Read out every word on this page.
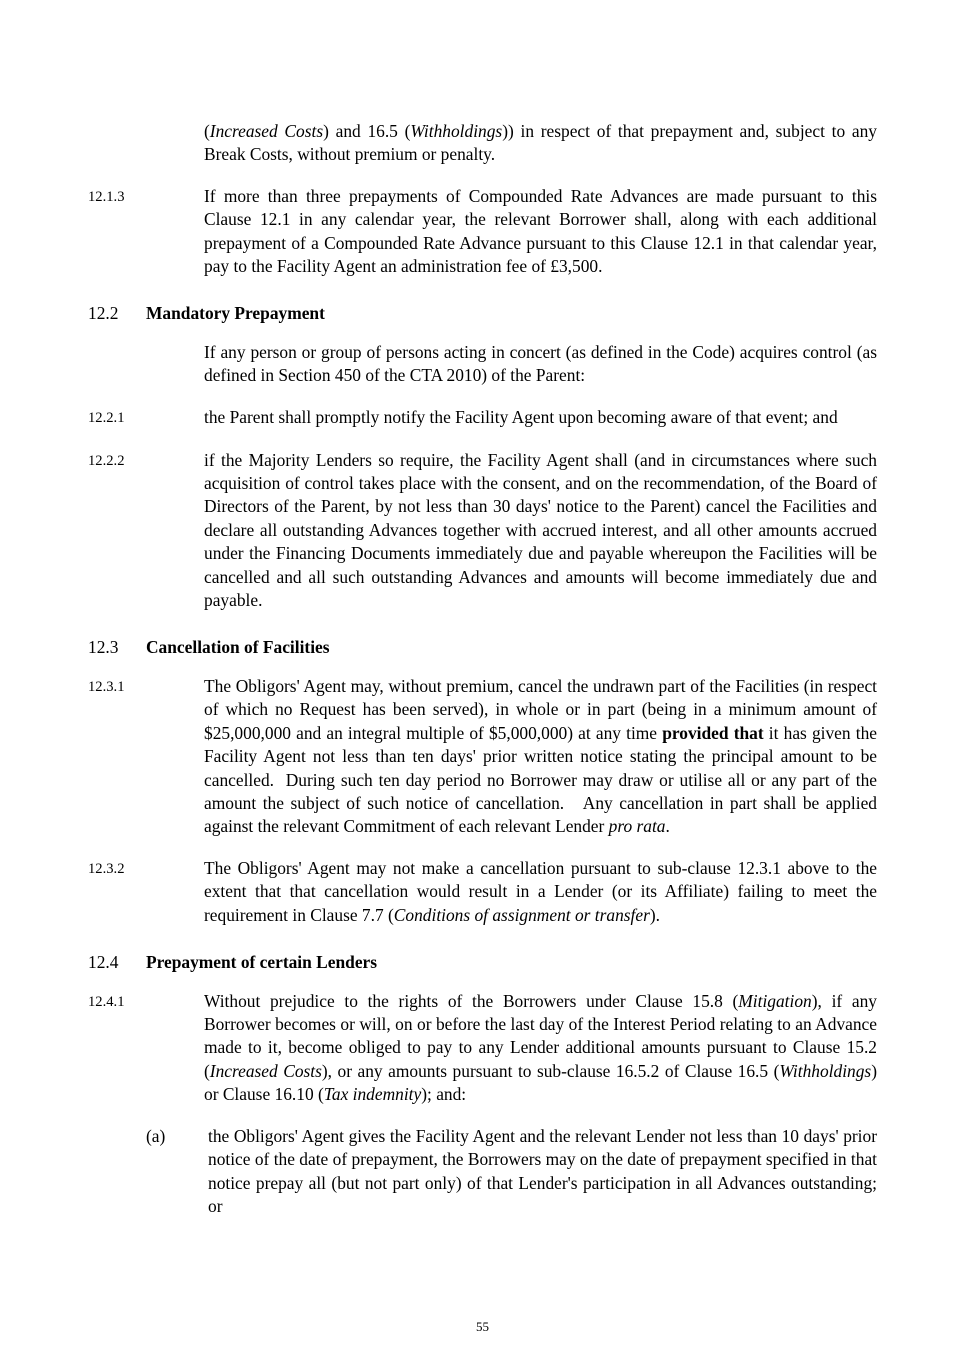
(Increased Costs) and 16.5 (Withholdings)) in respect of that prepayment and, subject to any Break Costs, without premium or penalty.
12.1.3	If more than three prepayments of Compounded Rate Advances are made pursuant to this Clause 12.1 in any calendar year, the relevant Borrower shall, along with each additional prepayment of a Compounded Rate Advance pursuant to this Clause 12.1 in that calendar year, pay to the Facility Agent an administration fee of £3,500.
12.2	Mandatory Prepayment
If any person or group of persons acting in concert (as defined in the Code) acquires control (as defined in Section 450 of the CTA 2010) of the Parent:
12.2.1	the Parent shall promptly notify the Facility Agent upon becoming aware of that event; and
12.2.2	if the Majority Lenders so require, the Facility Agent shall (and in circumstances where such acquisition of control takes place with the consent, and on the recommendation, of the Board of Directors of the Parent, by not less than 30 days' notice to the Parent) cancel the Facilities and declare all outstanding Advances together with accrued interest, and all other amounts accrued under the Financing Documents immediately due and payable whereupon the Facilities will be cancelled and all such outstanding Advances and amounts will become immediately due and payable.
12.3	Cancellation of Facilities
12.3.1	The Obligors' Agent may, without premium, cancel the undrawn part of the Facilities (in respect of which no Request has been served), in whole or in part (being in a minimum amount of $25,000,000 and an integral multiple of $5,000,000) at any time provided that it has given the Facility Agent not less than ten days' prior written notice stating the principal amount to be cancelled.  During such ten day period no Borrower may draw or utilise all or any part of the amount the subject of such notice of cancellation.   Any cancellation in part shall be applied against the relevant Commitment of each relevant Lender pro rata.
12.3.2	The Obligors' Agent may not make a cancellation pursuant to sub-clause 12.3.1 above to the extent that that cancellation would result in a Lender (or its Affiliate) failing to meet the requirement in Clause 7.7 (Conditions of assignment or transfer).
12.4	Prepayment of certain Lenders
12.4.1	Without prejudice to the rights of the Borrowers under Clause 15.8 (Mitigation), if any Borrower becomes or will, on or before the last day of the Interest Period relating to an Advance made to it, become obliged to pay to any Lender additional amounts pursuant to Clause 15.2 (Increased Costs), or any amounts pursuant to sub-clause 16.5.2 of Clause 16.5 (Withholdings) or Clause 16.10 (Tax indemnity); and:
(a)	the Obligors' Agent gives the Facility Agent and the relevant Lender not less than 10 days' prior notice of the date of prepayment, the Borrowers may on the date of prepayment specified in that notice prepay all (but not part only) of that Lender's participation in all Advances outstanding; or
55
